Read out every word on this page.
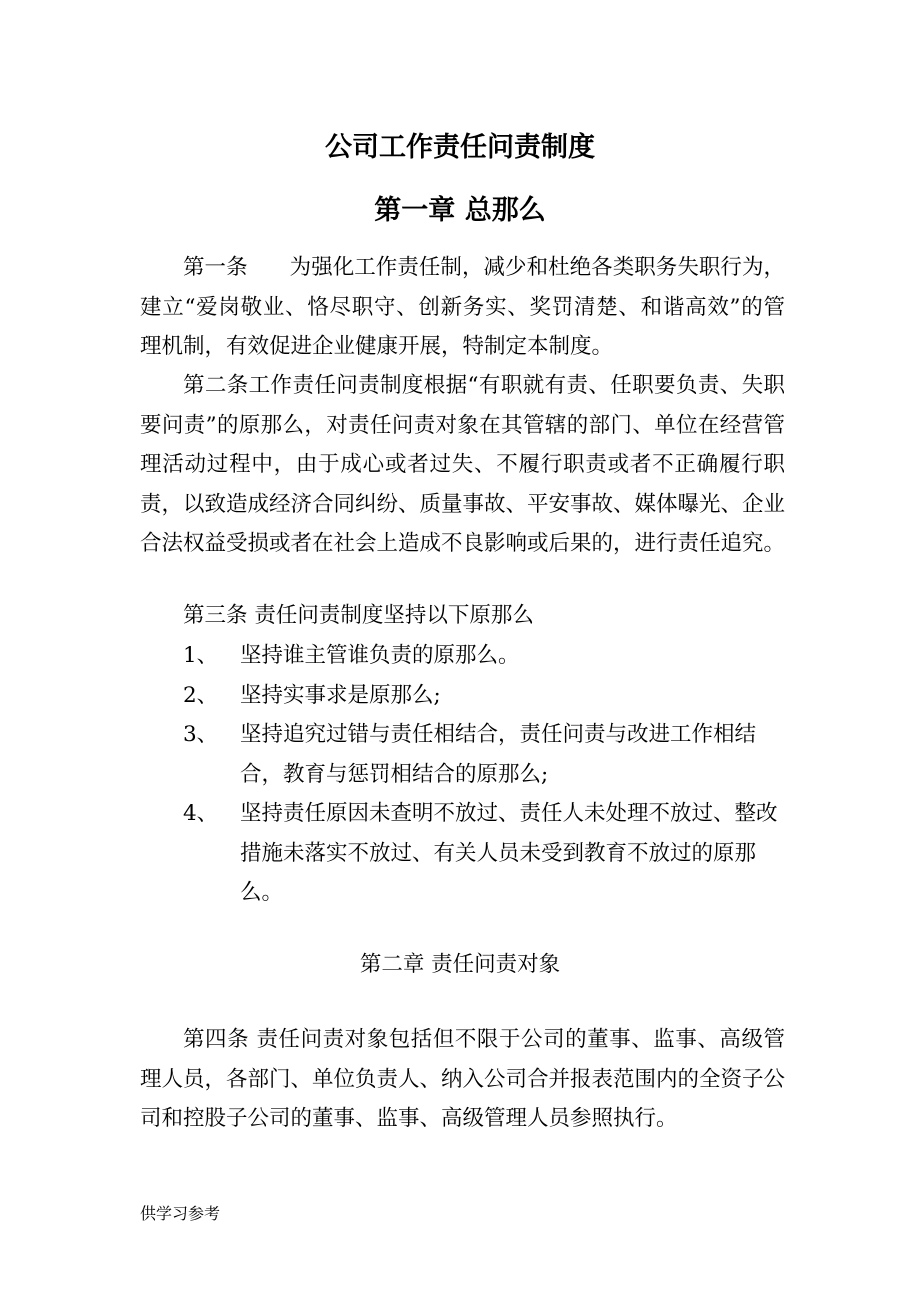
公司工作责任问责制度
第一章 总那么

第一条 为强化工作责任制，减少和杜绝各类职务失职行为，建立“爱岗敬业、恪尽职守、创新务实、奖罚清楚、和谐高效”的管理机制，有效促进企业健康开展，特制定本制度。

第二条工作责任问责制度根据“有职就有责、任职要负责、失职要问责”的原那么，对责任问责对象在其管辖的部门、单位在经营管理活动过程中，由于成心或者过失、不履行职责或者不正确履行职责，以致造成经济合同纠纷、质量事故、平安事故、媒体曝光、企业合法权益受损或者在社会上造成不良影响或后果的，进行责任追究。

第三条 责任问责制度坚持以下原那么

1、 坚持谁主管谁负责的原那么。
2、 坚持实事求是原那么;
3、 坚持追究过错与责任相结合，责任问责与改进工作相结合，教育与惩罚相结合的原那么;
4、 坚持责任原因未查明不放过、责任人未处理不放过、整改措施未落实不放过、有关人员未受到教育不放过的原那么。
第二章 责任问责对象

第四条 责任问责对象包括但不限于公司的董事、监事、高级管理人员，各部门、单位负责人、纳入公司合并报表范围内的全资子公司和控股子公司的董事、监事、高级管理人员参照执行。

供学习参考
